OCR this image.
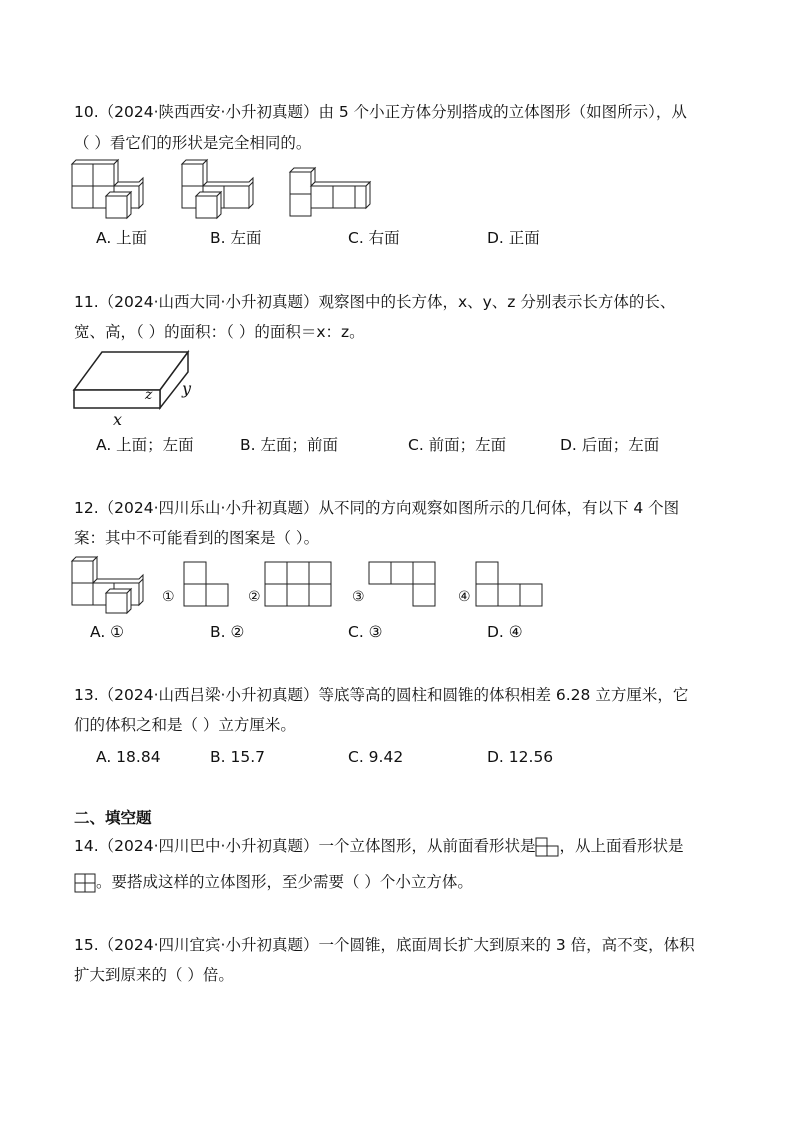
10.（2024·陕西西安·小升初真题）由 5 个小正方体分别搭成的立体图形（如图所示），从
（ ）看它们的形状是完全相同的。
A. 上面	B. 左面	C. 右面	D. 正面
11.（2024·山西大同·小升初真题）观察图中的长方体，x、y、z 分别表示长方体的长、
宽、高，（ ）的面积：（ ）的面积＝x：z。
z y
x
A. 上面；左面	B. 左面；前面	C. 前面；左面	D. 后面；左面
12.（2024·四川乐山·小升初真题）从不同的方向观察如图所示的几何体，有以下 4 个图
案：其中不可能看到的图案是（ ）。
①	②	③	④
A. ①	B. ②	C. ③	D. ④
13.（2024·山西吕梁·小升初真题）等底等高的圆柱和圆锥的体积相差 6.28 立方厘米，它
们的体积之和是（ ）立方厘米。
A. 18.84	B. 15.7	C. 9.42	D. 12.56
二、填空题
14.（2024·四川巴中·小升初真题）一个立体图形，从前面看形状是 ，从上面看形状是
。要搭成这样的立体图形，至少需要（ ）个小立方体。
15.（2024·四川宜宾·小升初真题）一个圆锥，底面周长扩大到原来的 3 倍，高不变，体积
扩大到原来的（ ）倍。
